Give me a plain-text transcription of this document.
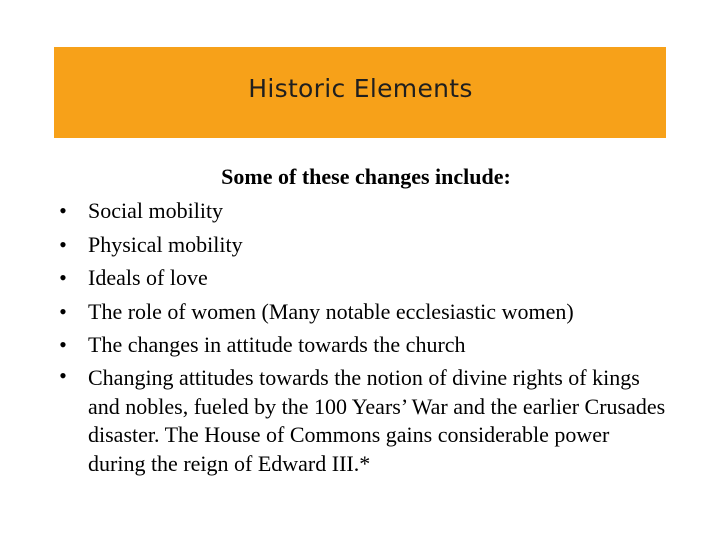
Historic Elements
Some of these changes include:
• Social mobility
• Physical mobility
• Ideals of love
• The role of women (Many notable ecclesiastic women)
• The changes in attitude towards the church
• Changing attitudes towards the notion of divine rights of kings and nobles, fueled by the 100 Years’ War and the earlier Crusades disaster. The House of Commons gains considerable power during the reign of Edward III.*
